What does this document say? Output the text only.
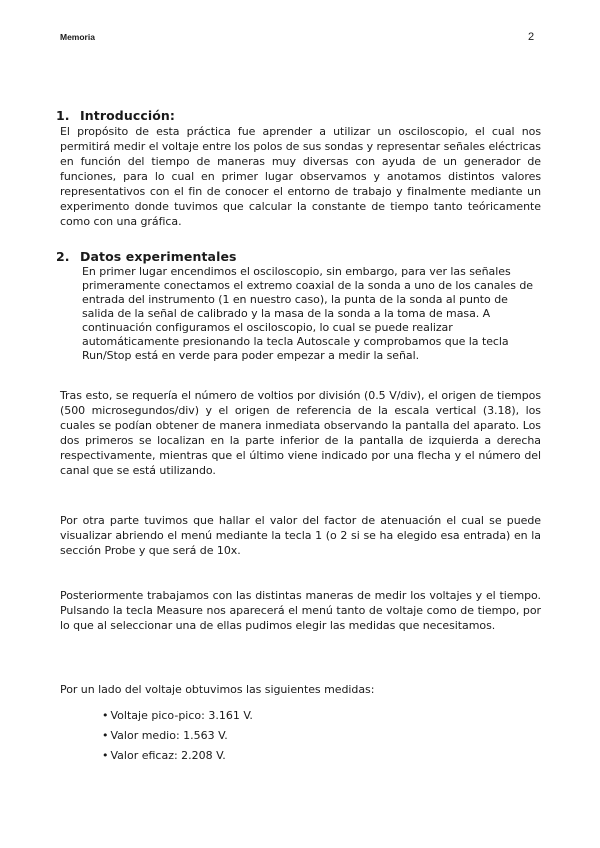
Memoria	2
1. Introducción:

El propósito de esta práctica fue aprender a utilizar un osciloscopio, el cual nos permitirá medir el voltaje entre los polos de sus sondas y representar señales eléctricas en función del tiempo de maneras muy diversas con ayuda de un generador de funciones, para lo cual en primer lugar observamos y anotamos distintos valores representativos con el fin de conocer el entorno de trabajo y finalmente mediante un experimento donde tuvimos que calcular la constante de tiempo tanto teóricamente como con una gráfica.

2. Datos experimentales

En primer lugar encendimos el osciloscopio, sin embargo, para ver las señales primeramente conectamos el extremo coaxial de la sonda a uno de los canales de entrada del instrumento (1 en nuestro caso), la punta de la sonda al punto de salida de la señal de calibrado y la masa de la sonda a la toma de masa. A continuación configuramos el osciloscopio, lo cual se puede realizar automáticamente presionando la tecla Autoscale y comprobamos que la tecla Run/Stop está en verde para poder empezar a medir la señal.

Tras esto, se requería el número de voltios por división (0.5 V/div), el origen de tiempos (500 microsegundos/div) y el origen de referencia de la escala vertical (3.18), los cuales se podían obtener de manera inmediata observando la pantalla del aparato. Los dos primeros se localizan en la parte inferior de la pantalla de izquierda a derecha respectivamente, mientras que el último viene indicado por una flecha y el número del canal que se está utilizando.

Por otra parte tuvimos que hallar el valor del factor de atenuación el cual se puede visualizar abriendo el menú mediante la tecla 1 (o 2 si se ha elegido esa entrada) en la sección Probe y que será de 10x.

Posteriormente trabajamos con las distintas maneras de medir los voltajes y el tiempo. Pulsando la tecla Measure nos aparecerá el menú tanto de voltaje como de tiempo, por lo que al seleccionar una de ellas pudimos elegir las medidas que necesitamos.

Por un lado del voltaje obtuvimos las siguientes medidas:

• Voltaje pico-pico: 3.161 V.
• Valor medio: 1.563 V.
• Valor eficaz: 2.208 V.
